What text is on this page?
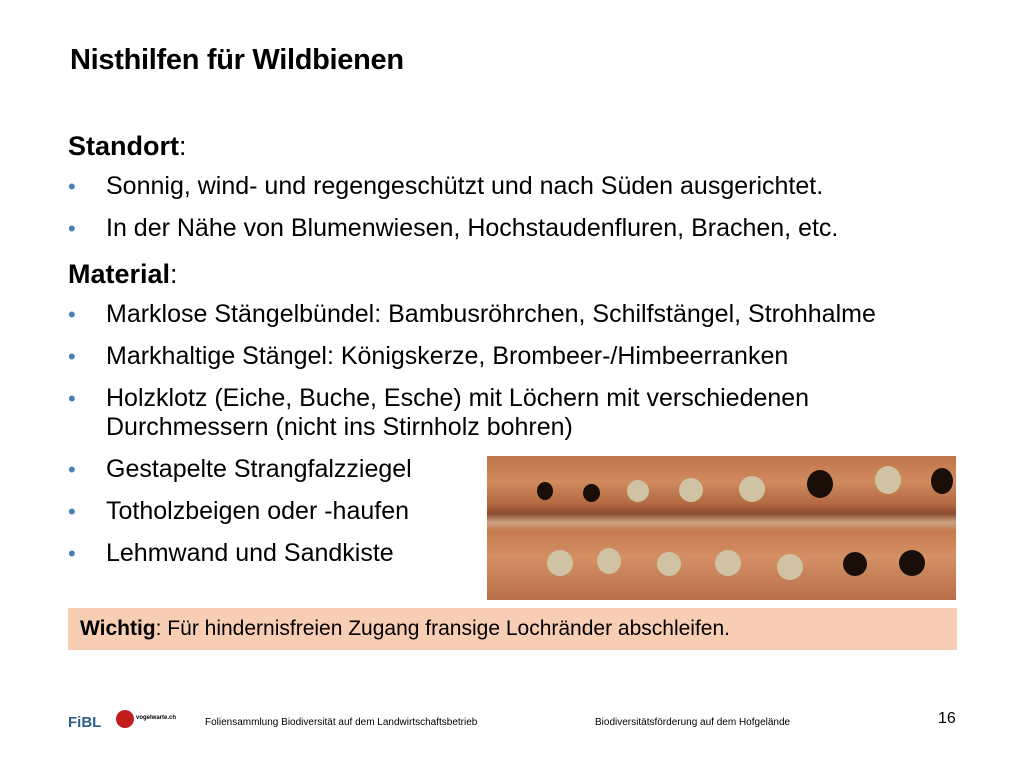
Nisthilfen für Wildbienen
Standort:
• Sonnig, wind- und regengeschützt und nach Süden ausgerichtet.
• In der Nähe von Blumenwiesen, Hochstaudenfluren, Brachen, etc.
Material:
• Marklose Stängelbündel: Bambusröhrchen, Schilfstängel, Strohhalme
• Markhaltige Stängel: Königskerze, Brombeer-/Himbeerranken
• Holzklotz (Eiche, Buche, Esche) mit Löchern mit verschiedenen Durchmessern (nicht ins Stirnholz bohren)
• Gestapelte Strangfalzziegel
• Totholzbeigen oder -haufen
• Lehmwand und Sandkiste
Wichtig: Für hindernisfreien Zugang fransige Lochränder abschleifen.
FiBL	vogelwarte.ch	Foliensammlung Biodiversität auf dem Landwirtschaftsbetrieb	Biodiversitätsförderung auf dem Hofgelände	16
